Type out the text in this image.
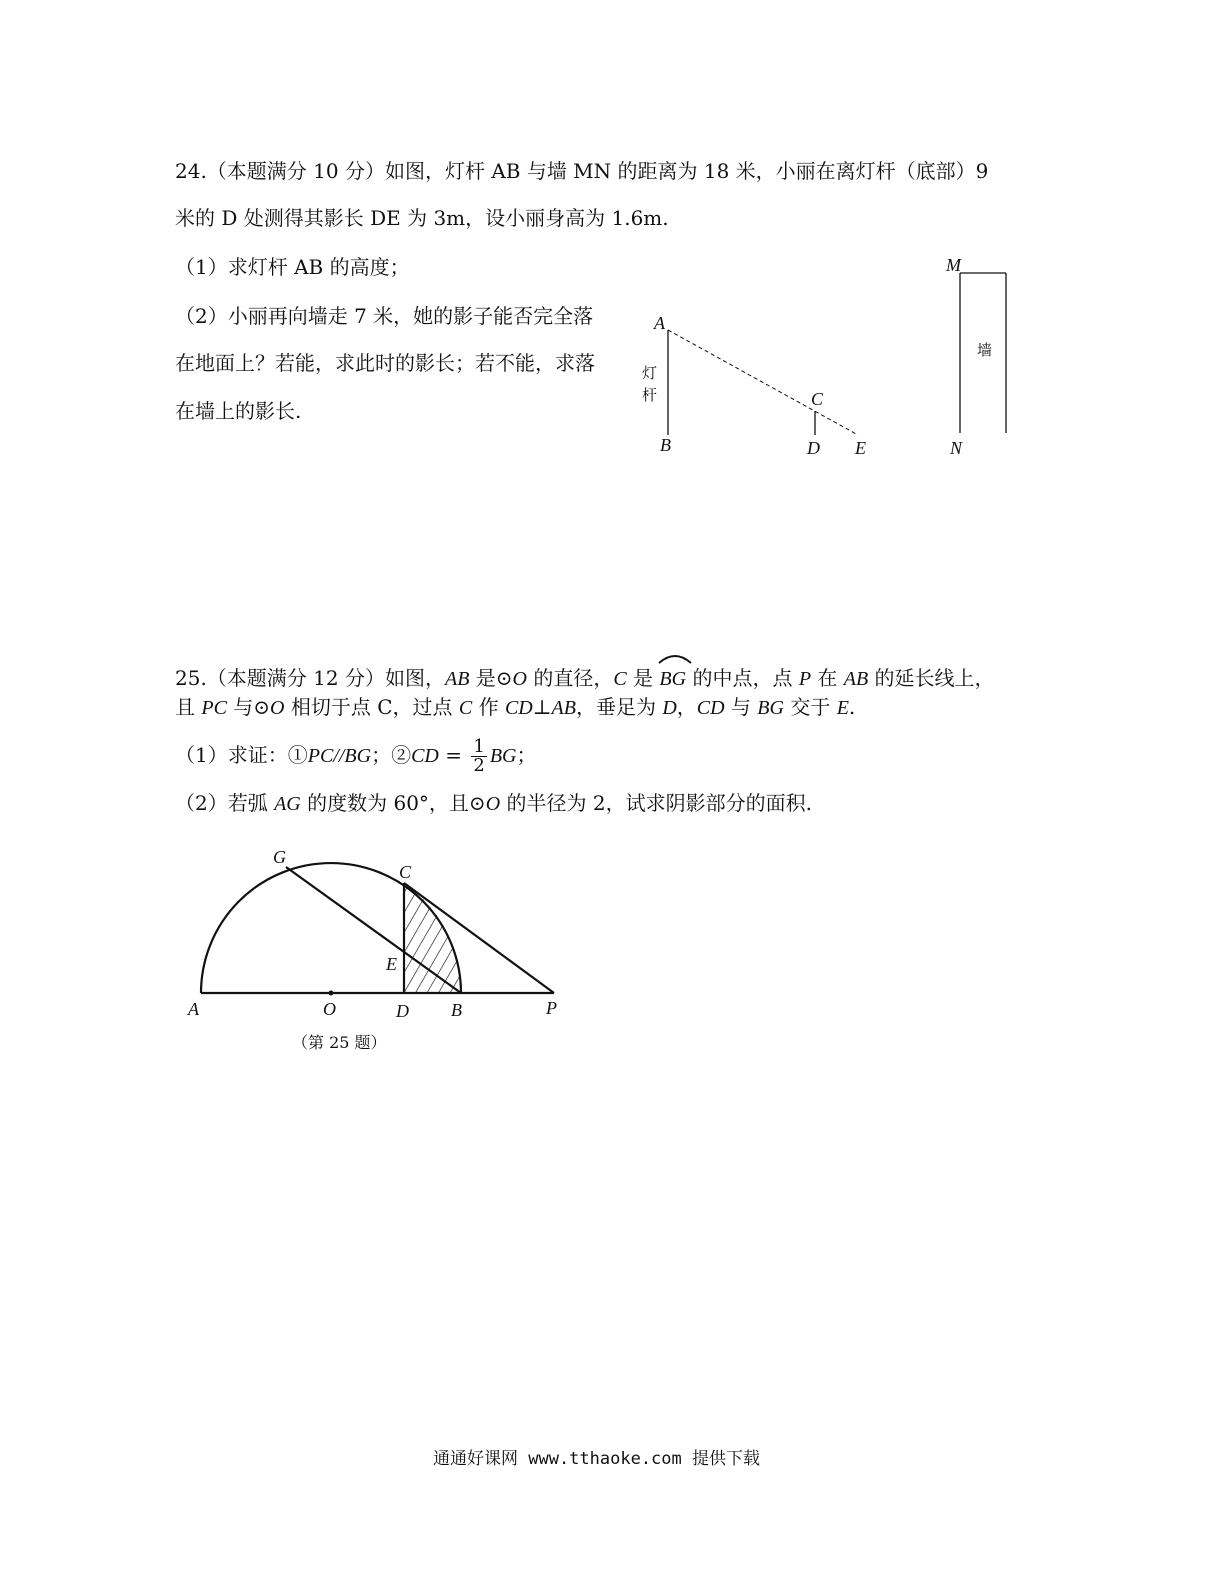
24.（本题满分 10 分）如图，灯杆 AB 与墙 MN 的距离为 18 米，小丽在离灯杆（底部）9
米的 D 处测得其影长 DE 为 3m，设小丽身高为 1.6m.
（1）求灯杆 AB 的高度；
（2）小丽再向墙走 7 米，她的影子能否完全落
在地面上？若能，求此时的影长；若不能，求落
在墙上的影长.
A
B
C
D E
M
N
灯
杆
墙
25.（本题满分 12 分）如图，AB 是⊙O 的直径，C 是
BG 的中点，点 P 在 AB 的延长线上，
且 PC 与⊙O 相切于点 C，过点 C 作 CD⊥AB，垂足为 D，CD 与 BG 交于 E.
（1）求证：①PC//BG；②CD = $\frac{1}{2}$ BG；
（2）若弧 AG 的度数为 60°，且⊙O 的半径为 2，试求阴影部分的面积.
A	O	D B	P
G
C
E
（第 25 题）
通通好课网 www.tthaoke.com 提供下载
